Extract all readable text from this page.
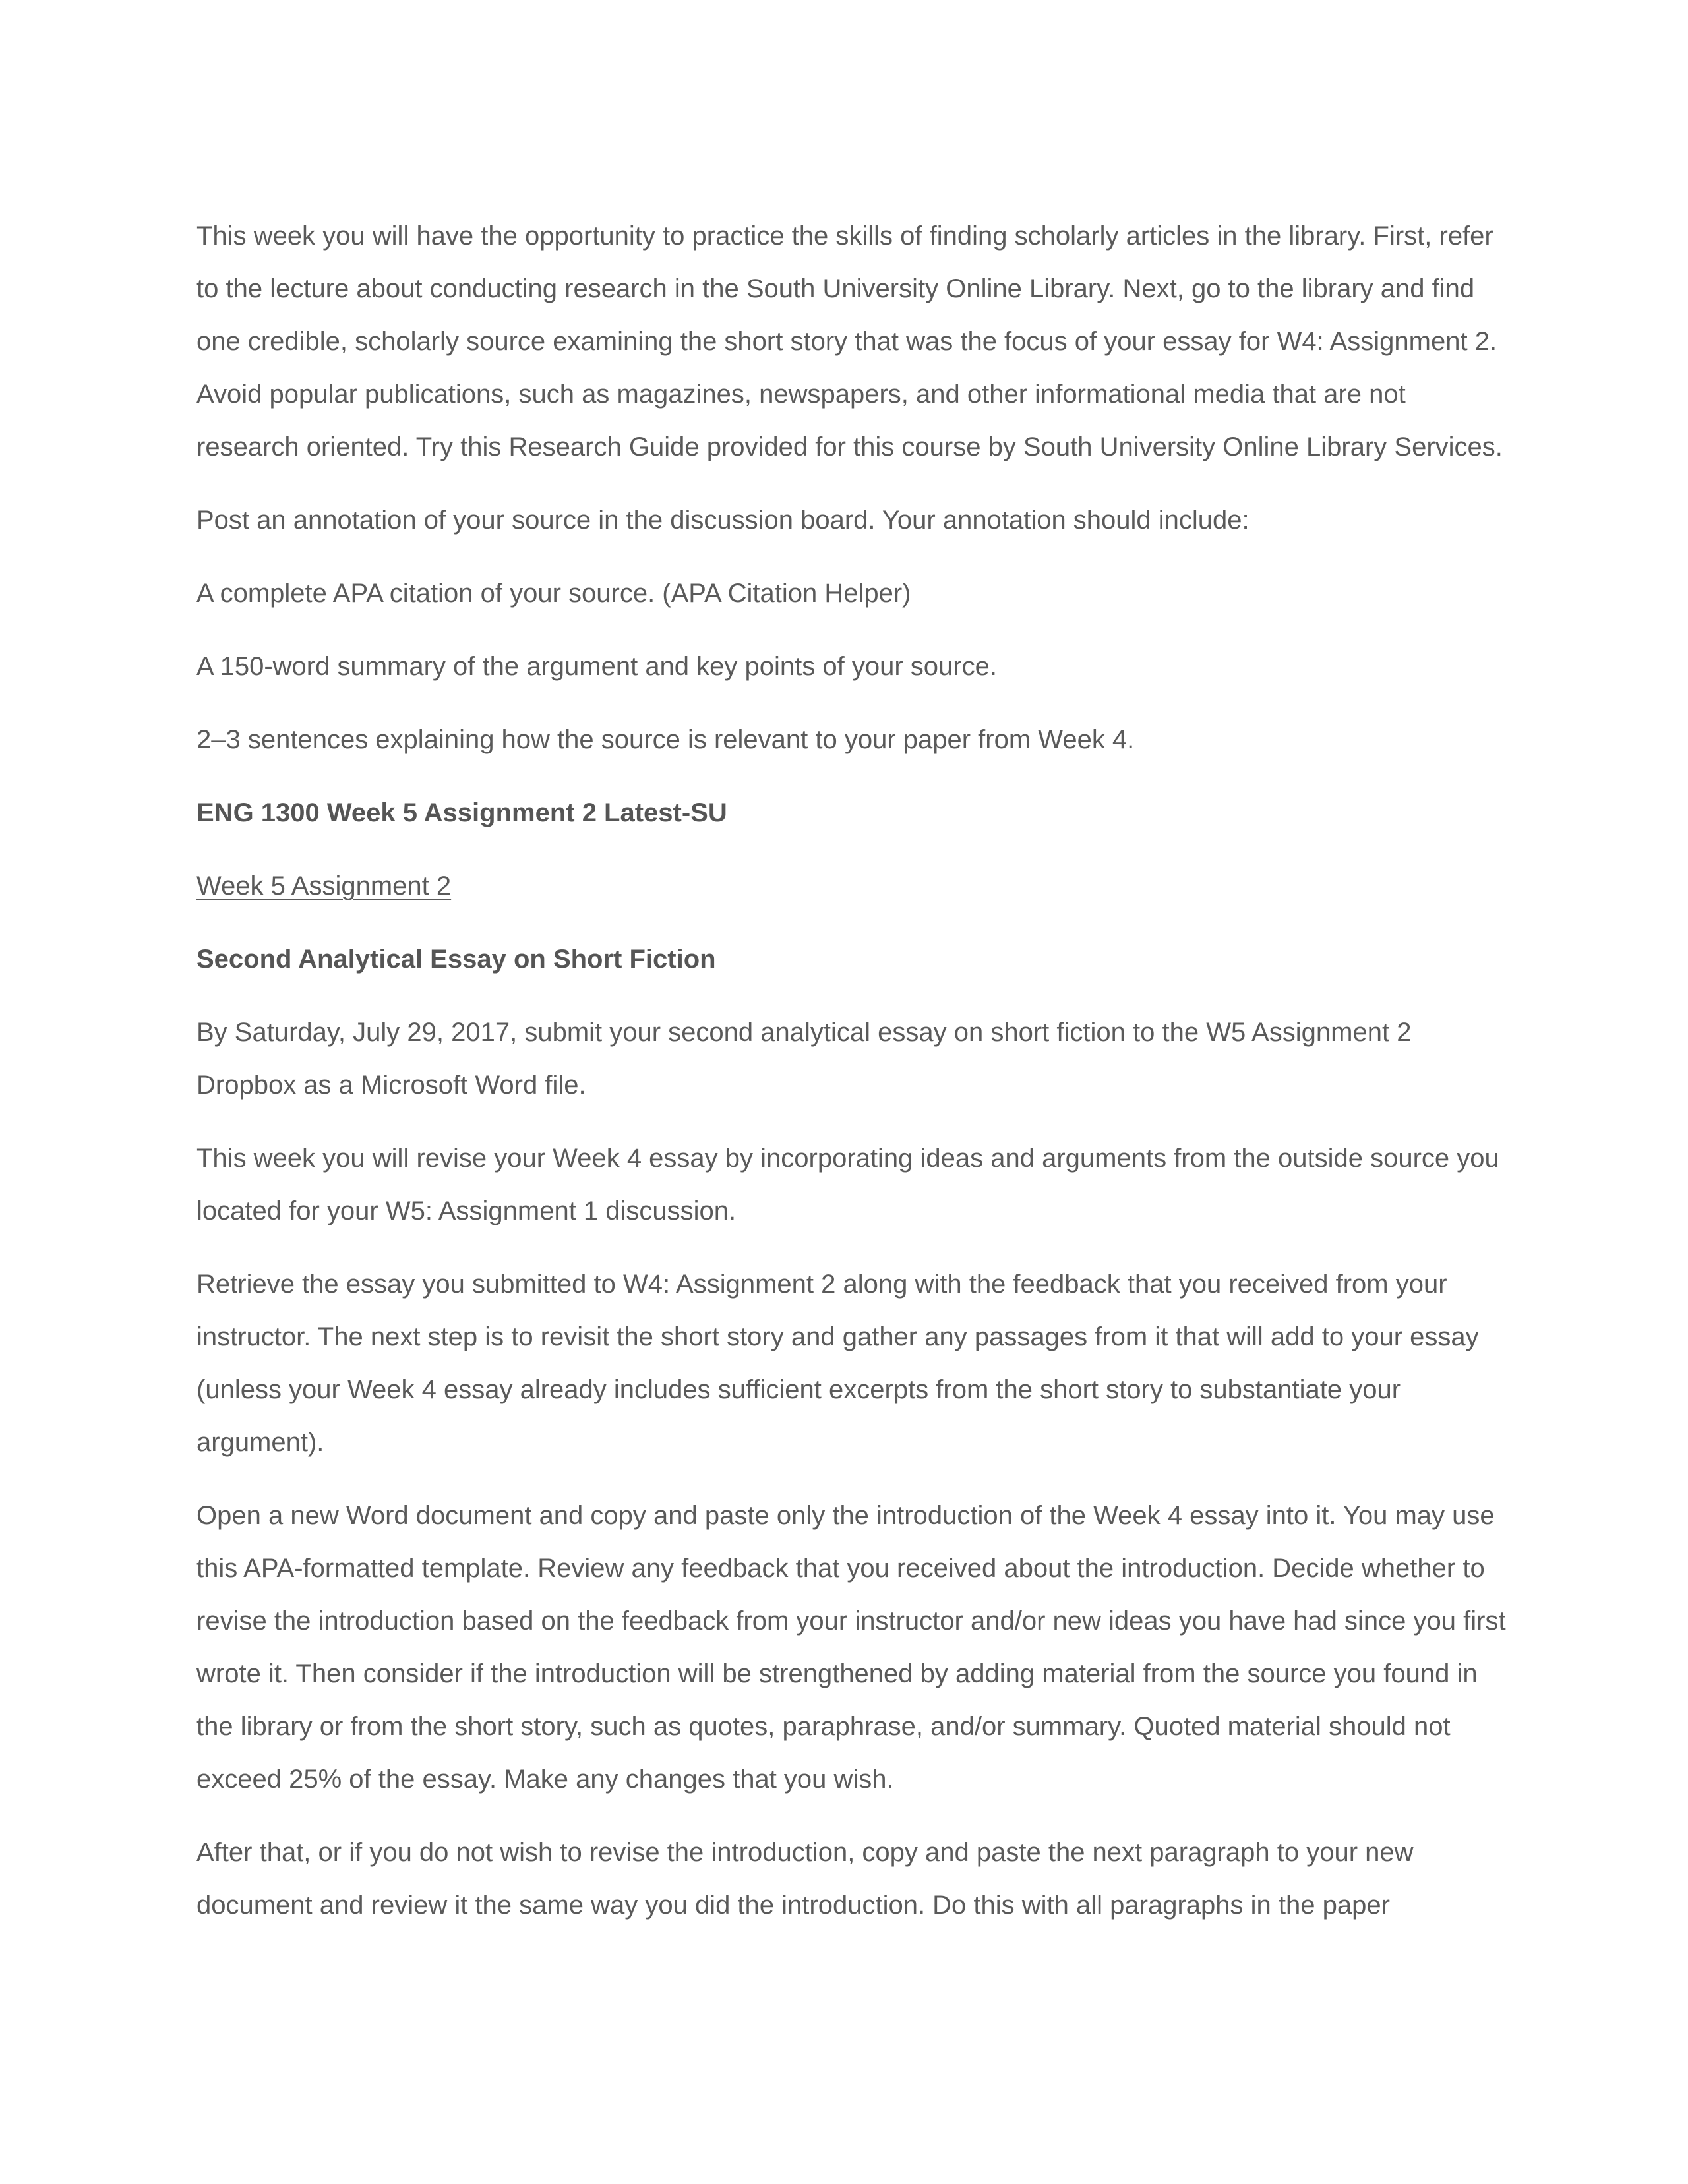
This week you will have the opportunity to practice the skills of finding scholarly articles in the library. First, refer to the lecture about conducting research in the South University Online Library. Next, go to the library and find one credible, scholarly source examining the short story that was the focus of your essay for W4: Assignment 2. Avoid popular publications, such as magazines, newspapers, and other informational media that are not research oriented. Try this Research Guide provided for this course by South University Online Library Services.

Post an annotation of your source in the discussion board. Your annotation should include:

A complete APA citation of your source. (APA Citation Helper)

A 150-word summary of the argument and key points of your source.

2–3 sentences explaining how the source is relevant to your paper from Week 4.

ENG 1300 Week 5 Assignment 2 Latest-SU

Week 5 Assignment 2

Second Analytical Essay on Short Fiction

By Saturday, July 29, 2017, submit your second analytical essay on short fiction to the W5 Assignment 2 Dropbox as a Microsoft Word file.

This week you will revise your Week 4 essay by incorporating ideas and arguments from the outside source you located for your W5: Assignment 1 discussion.

Retrieve the essay you submitted to W4: Assignment 2 along with the feedback that you received from your instructor. The next step is to revisit the short story and gather any passages from it that will add to your essay (unless your Week 4 essay already includes sufficient excerpts from the short story to substantiate your argument).

Open a new Word document and copy and paste only the introduction of the Week 4 essay into it. You may use this APA-formatted template. Review any feedback that you received about the introduction. Decide whether to revise the introduction based on the feedback from your instructor and/or new ideas you have had since you first wrote it. Then consider if the introduction will be strengthened by adding material from the source you found in the library or from the short story, such as quotes, paraphrase, and/or summary. Quoted material should not exceed 25% of the essay. Make any changes that you wish.

After that, or if you do not wish to revise the introduction, copy and paste the next paragraph to your new document and review it the same way you did the introduction. Do this with all paragraphs in the paper
